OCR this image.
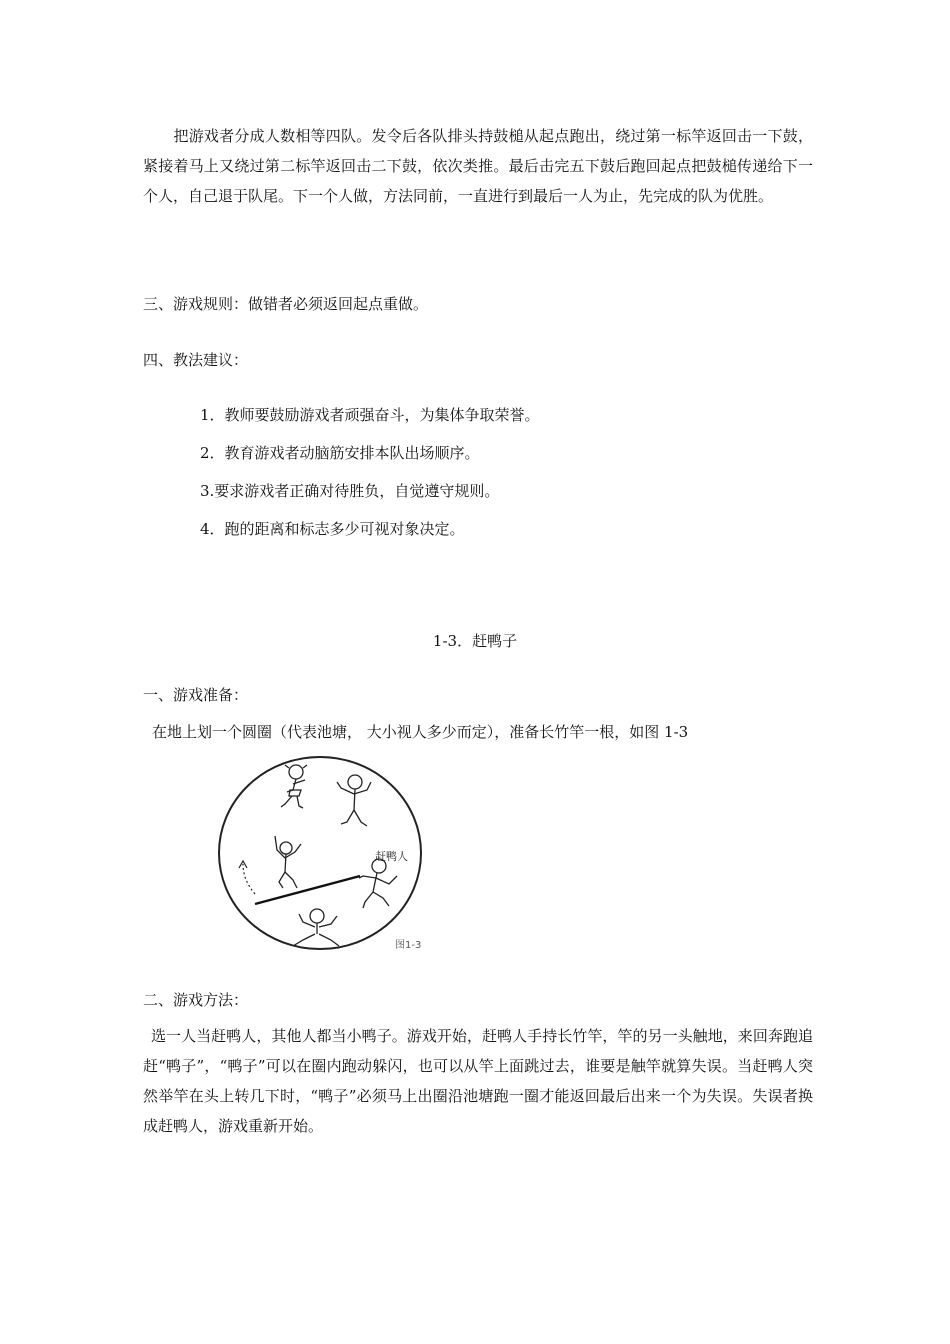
　　把游戏者分成人数相等四队。发令后各队排头持鼓槌从起点跑出，绕过第一标竿返回击一下鼓，紧接着马上又绕过第二标竿返回击二下鼓，依次类推。最后击完五下鼓后跑回起点把鼓槌传递给下一个人，自己退于队尾。下一个人做，方法同前，一直进行到最后一人为止，先完成的队为优胜。

三、游戏规则：做错者必须返回起点重做。

四、教法建议：

1．教师要鼓励游戏者顽强奋斗，为集体争取荣誉。

2．教育游戏者动脑筋安排本队出场顺序。

3.要求游戏者正确对待胜负，自觉遵守规则。

4．跑的距离和标志多少可视对象决定。

1-3．赶鸭子

一、游戏准备：

在地上划一个圆圈（代表池塘， 大小视人多少而定），准备长竹竿一根，如图 1-3

赶鸭人
图1-3

二、游戏方法：

选一人当赶鸭人，其他人都当小鸭子。游戏开始，赶鸭人手持长竹竿，竿的另一头触地，来回奔跑追赶“鸭子”，“鸭子”可以在圈内跑动躲闪，也可以从竿上面跳过去，谁要是触竿就算失误。当赶鸭人突然举竿在头上转几下时，“鸭子”必须马上出圈沿池塘跑一圈才能返回最后出来一个为失误。失误者换成赶鸭人，游戏重新开始。
